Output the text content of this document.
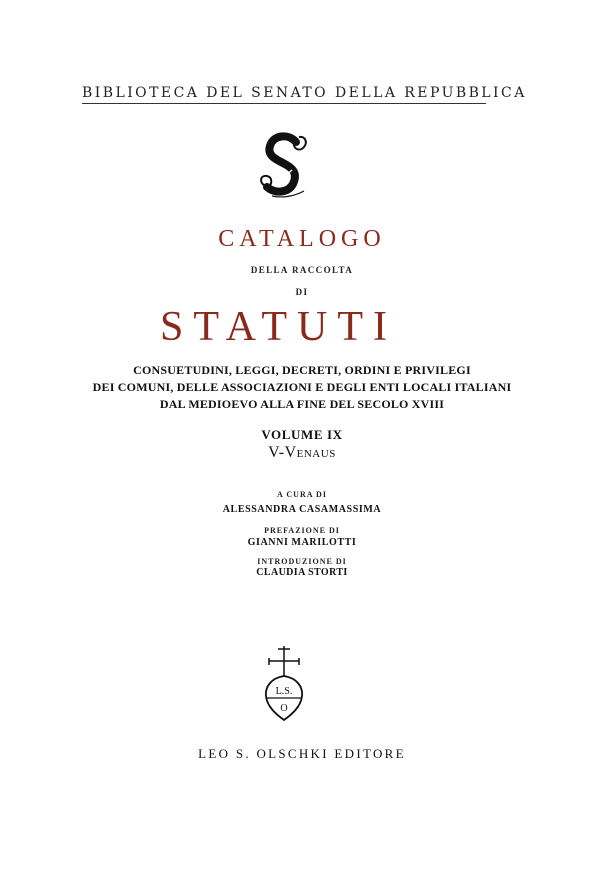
BIBLIOTECA DEL SENATO DELLA REPUBBLICA
CATALOGO
DELLA RACCOLTA
DI
STATUTI
CONSUETUDINI, LEGGI, DECRETI, ORDINI E PRIVILEGI
DEI COMUNI, DELLE ASSOCIAZIONI E DEGLI ENTI LOCALI ITALIANI
DAL MEDIOEVO ALLA FINE DEL SECOLO XVIII
VOLUME IX
V-Venaus
A CURA DI
ALESSANDRA CASAMASSIMA
PREFAZIONE DI
GIANNI MARILOTTI
INTRODUZIONE DI
CLAUDIA STORTI
L.S.
O
LEO S. OLSCHKI EDITORE
